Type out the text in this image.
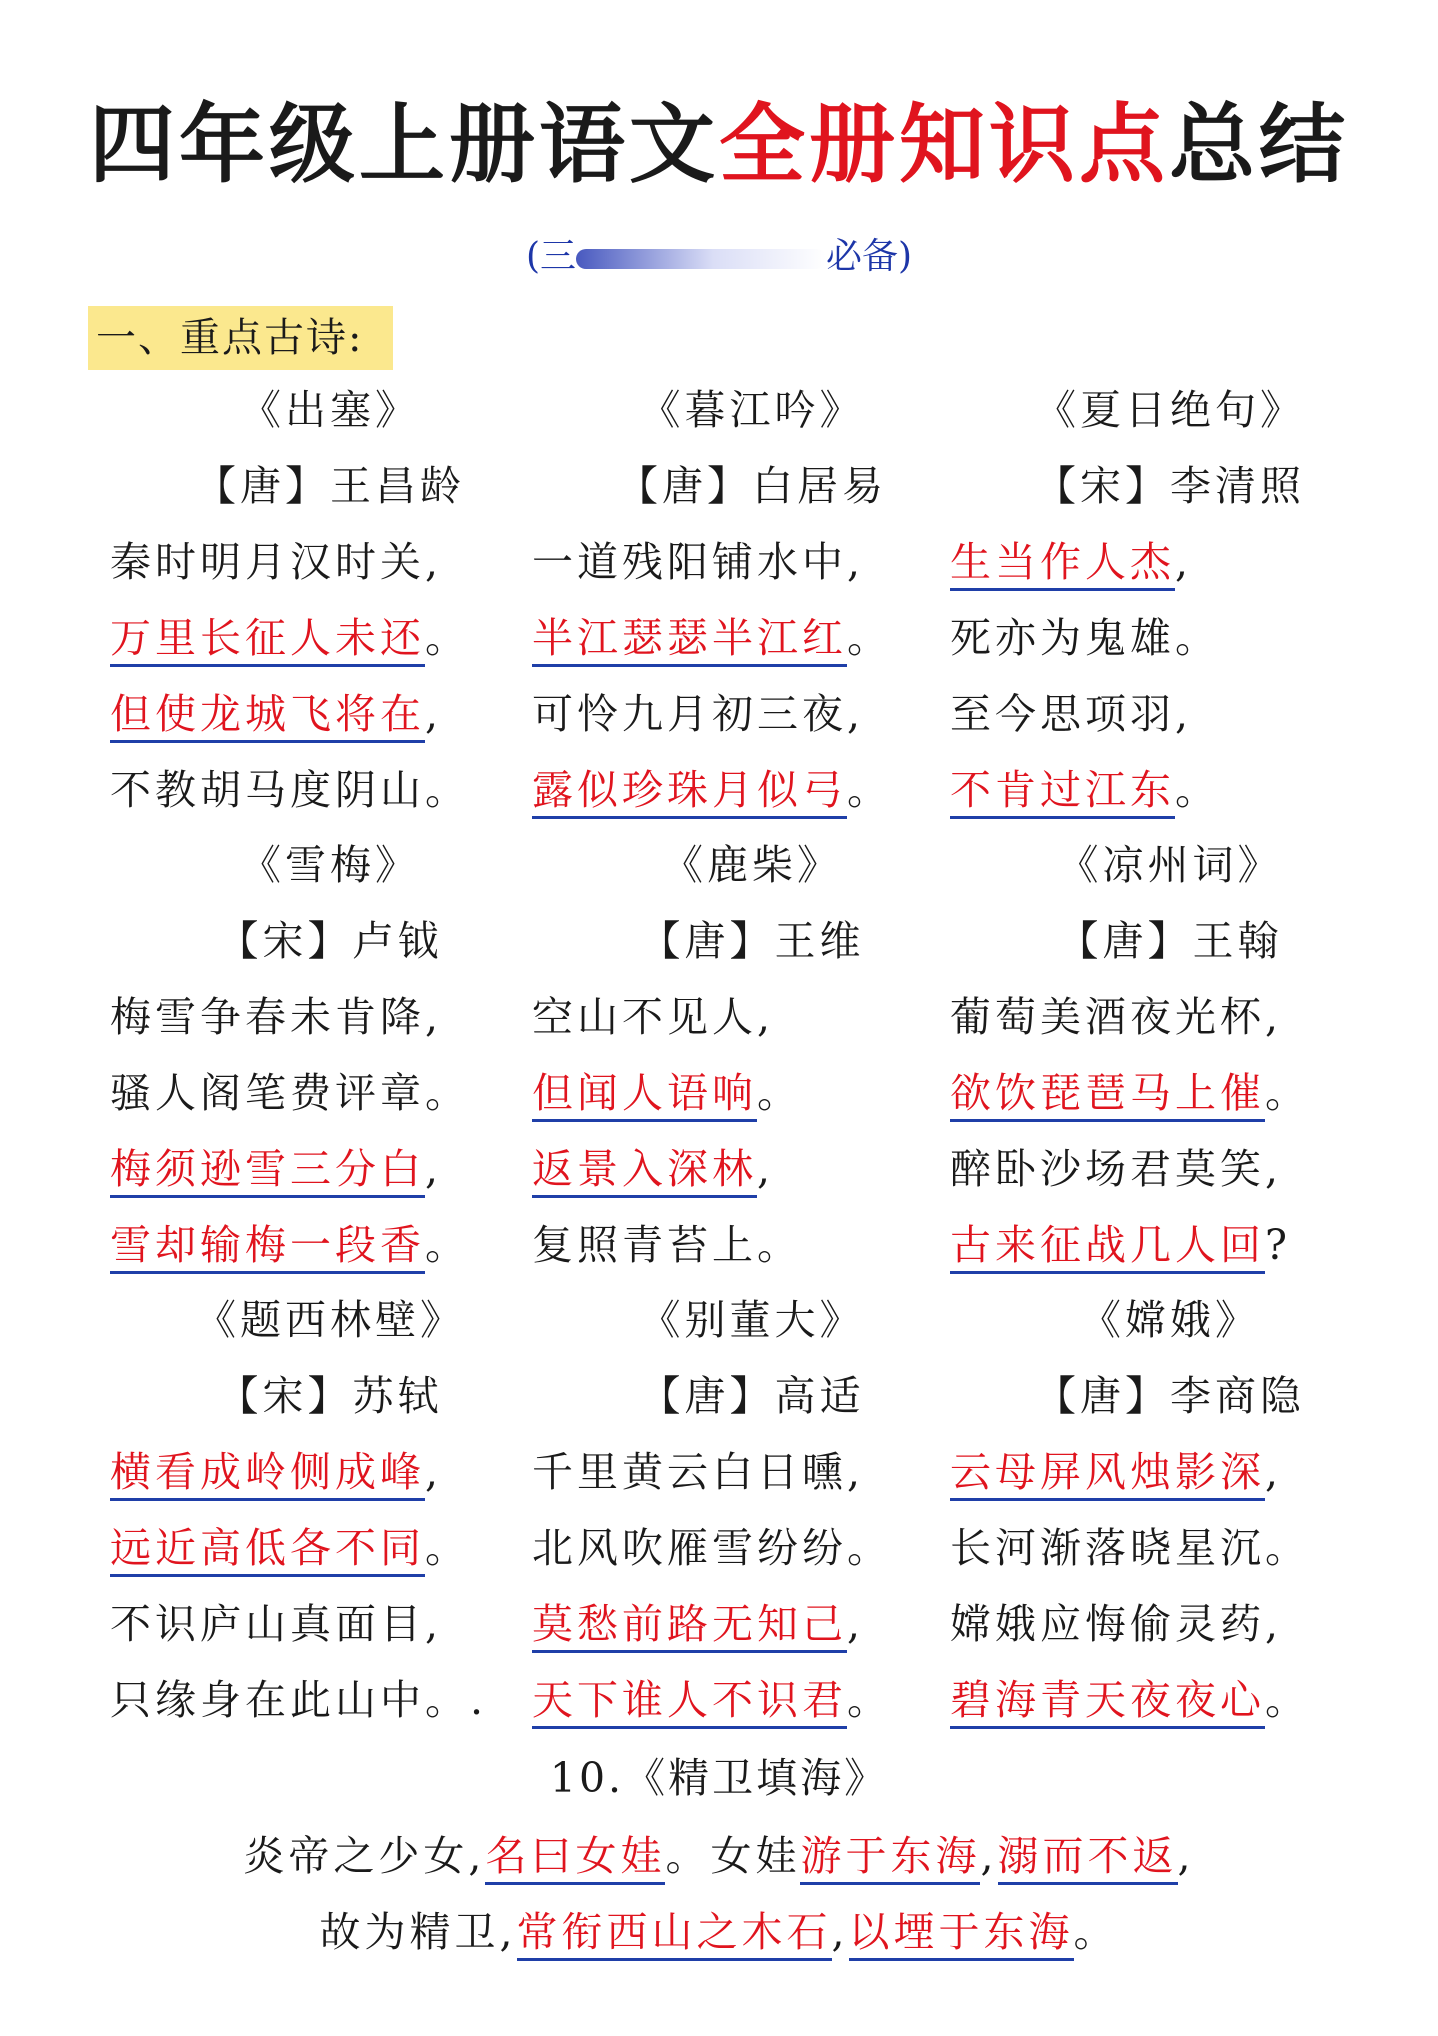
四年级上册语文全册知识点总结
(三	必备)
一、重点古诗:
《出塞》
【唐】王昌龄
秦时明月汉时关,
万里长征人未还。
但使龙城飞将在,
不教胡马度阴山。
《雪梅》
【宋】卢钺
梅雪争春未肯降,
骚人阁笔费评章。
梅须逊雪三分白,
雪却输梅一段香。
《题西林壁》
【宋】苏轼
横看成岭侧成峰,
远近高低各不同。
不识庐山真面目,
只缘身在此山中。.
《暮江吟》
【唐】白居易
一道残阳铺水中,
半江瑟瑟半江红。
可怜九月初三夜,
露似珍珠月似弓。
《鹿柴》
【唐】王维
空山不见人,
但闻人语响。
返景入深林,
复照青苔上。
《别董大》
【唐】高适
千里黄云白日曛,
北风吹雁雪纷纷。
莫愁前路无知己,
天下谁人不识君。
《夏日绝句》
【宋】李清照
生当作人杰,
死亦为鬼雄。
至今思项羽,
不肯过江东。
《凉州词》
【唐】王翰
葡萄美酒夜光杯,
欲饮琵琶马上催。
醉卧沙场君莫笑,
古来征战几人回?
《嫦娥》
【唐】李商隐
云母屏风烛影深,
长河渐落晓星沉。
嫦娥应悔偷灵药,
碧海青天夜夜心。
10.《精卫填海》
炎帝之少女,名曰女娃。女娃游于东海,溺而不返,
故为精卫,常衔西山之木石,以堙于东海。
